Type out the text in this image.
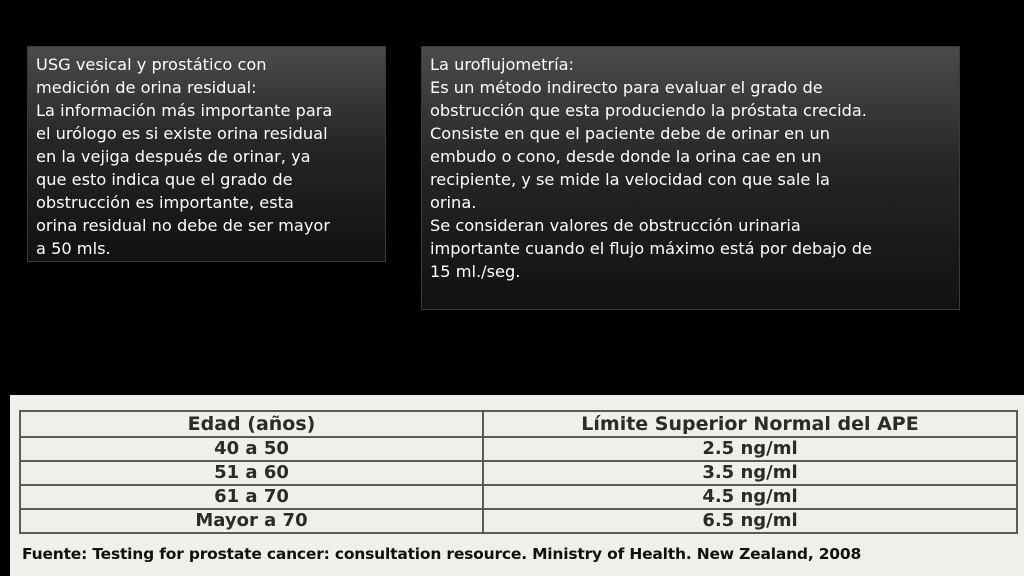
USG vesical y prostático con
medición de orina residual:
La información más importante para
el urólogo es si existe orina residual
en la vejiga después de orinar, ya
que esto indica que el grado de
obstrucción es importante, esta
orina residual no debe de ser mayor
a 50 mls.
La uroflujometría:
Es un método indirecto para evaluar el grado de
obstrucción que esta produciendo la próstata crecida.
Consiste en que el paciente debe de orinar en un
embudo o cono, desde donde la orina cae en un
recipiente, y se mide la velocidad con que sale la
orina.
Se consideran valores de obstrucción urinaria
importante cuando el flujo máximo está por debajo de
15 ml./seg.
Edad (años)	Límite Superior Normal del APE
40 a 50	2.5 ng/ml
51 a 60	3.5 ng/ml
61 a 70	4.5 ng/ml
Mayor a 70	6.5 ng/ml
Fuente: Testing for prostate cancer: consultation resource. Ministry of Health. New Zealand, 2008
